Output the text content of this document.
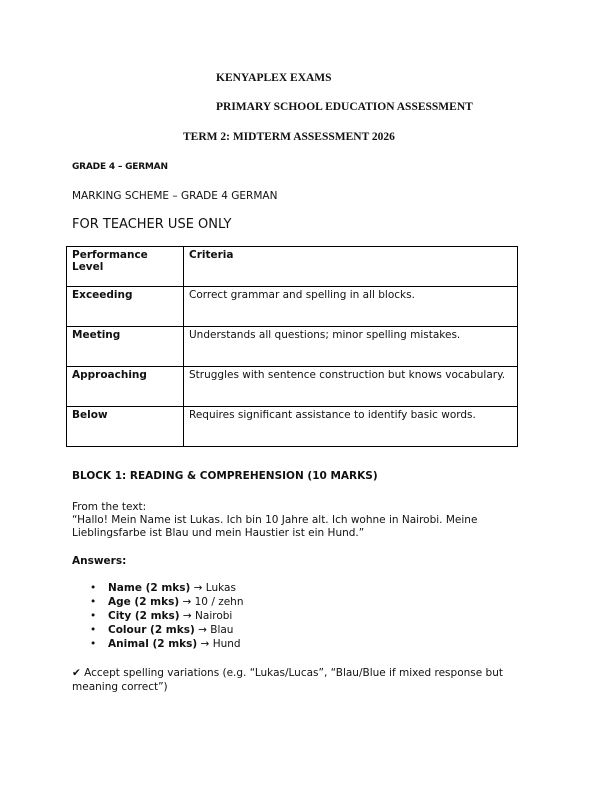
KENYAPLEX EXAMS
PRIMARY SCHOOL EDUCATION ASSESSMENT
TERM 2: MIDTERM ASSESSMENT 2026
GRADE 4 – GERMAN
MARKING SCHEME – GRADE 4 GERMAN
FOR TEACHER USE ONLY
Performance Level	Criteria
Exceeding	Correct grammar and spelling in all blocks.
Meeting	Understands all questions; minor spelling mistakes.
Approaching	Struggles with sentence construction but knows vocabulary.
Below	Requires significant assistance to identify basic words.
BLOCK 1: READING & COMPREHENSION (10 MARKS)
From the text:
“Hallo! Mein Name ist Lukas. Ich bin 10 Jahre alt. Ich wohne in Nairobi. Meine
Lieblingsfarbe ist Blau und mein Haustier ist ein Hund.”
Answers:
• Name (2 mks) → Lukas
• Age (2 mks) → 10 / zehn
• City (2 mks) → Nairobi
• Colour (2 mks) → Blau
• Animal (2 mks) → Hund
✔ Accept spelling variations (e.g. “Lukas/Lucas”, “Blau/Blue if mixed response but
meaning correct”)
